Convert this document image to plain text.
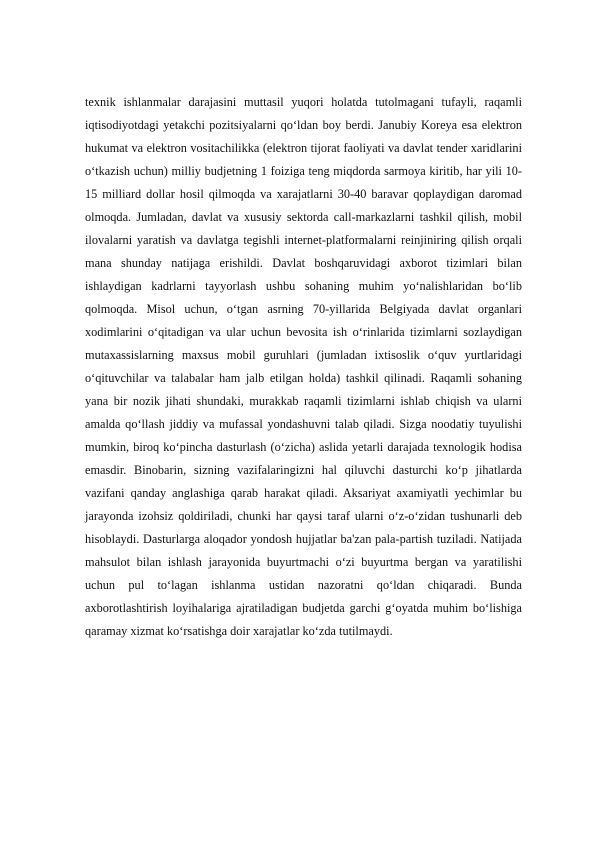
texnik ishlanmalar darajasini muttasil yuqori holatda tutolmagani tufayli, raqamli iqtisodiyotdagi yetakchi pozitsiyalarni qo‘ldan boy berdi. Janubiy Koreya esa elektron hukumat va elektron vositachilikka (elektron tijorat faoliyati va davlat tender xaridlarini o‘tkazish uchun) milliy budjetning 1 foiziga teng miqdorda sarmoya kiritib, har yili 10-15 milliard dollar hosil qilmoqda va xarajatlarni 30-40 baravar qoplaydigan daromad olmoqda. Jumladan, davlat va xususiy sektorda call-markazlarni tashkil qilish, mobil ilovalarni yaratish va davlatga tegishli internet-platformalarni reinjiniring qilish orqali mana shunday natijaga erishildi. Davlat boshqaruvidagi axborot tizimlari bilan ishlaydigan kadrlarni tayyorlash ushbu sohaning muhim yo‘nalishlaridan bo‘lib qolmoqda. Misol uchun, o‘tgan asrning 70-yillarida Belgiyada davlat organlari xodimlarini o‘qitadigan va ular uchun bevosita ish o‘rinlarida tizimlarni sozlaydigan mutaxassislarning maxsus mobil guruhlari (jumladan ixtisoslik o‘quv yurtlaridagi o‘qituvchilar va talabalar ham jalb etilgan holda) tashkil qilinadi. Raqamli sohaning yana bir nozik jihati shundaki, murakkab raqamli tizimlarni ishlab chiqish va ularni amalda qo‘llash jiddiy va mufassal yondashuvni talab qiladi. Sizga noodatiy tuyulishi mumkin, biroq ko‘pincha dasturlash (o‘zicha) aslida yetarli darajada texnologik hodisa emasdir. Binobarin, sizning vazifalaringizni hal qiluvchi dasturchi ko‘p jihatlarda vazifani qanday anglashiga qarab harakat qiladi. Aksariyat axamiyatli yechimlar bu jarayonda izohsiz qoldiriladi, chunki har qaysi taraf ularni o‘z-o‘zidan tushunarli deb hisoblaydi. Dasturlarga aloqador yondosh hujjatlar ba'zan pala-partish tuziladi. Natijada mahsulot bilan ishlash jarayonida buyurtmachi o‘zi buyurtma bergan va yaratilishi uchun pul to‘lagan ishlanma ustidan nazoratni qo‘ldan chiqaradi. Bunda axborotlashtirish loyihalariga ajratiladigan budjetda garchi g‘oyatda muhim bo‘lishiga qaramay xizmat ko‘rsatishga doir xarajatlar ko‘zda tutilmaydi.
